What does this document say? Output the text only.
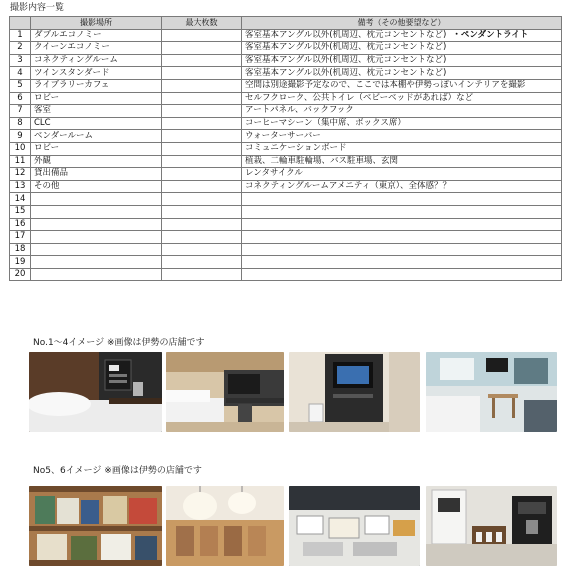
撮影内容一覧
	撮影場所	最大枚数	備考（その他要望など）
1	ダブルエコノミー		客室基本アングル以外(机周辺、枕元コンセントなど) ・ペンダントライト
2	クイーンエコノミー		客室基本アングル以外(机周辺、枕元コンセントなど)
3	コネクティングルーム		客室基本アングル以外(机周辺、枕元コンセントなど)
4	ツインスタンダード		客室基本アングル以外(机周辺、枕元コンセントなど)
5	ライブラリーカフェ		空間は別途撮影予定なので、ここでは本棚や伊勢っぽいインテリアを撮影
6	ロビー		セルフクローク、公共トイレ（ベビーベッドがあれば）など
7	客室		アートパネル、バックフック
8	CLC		コーヒーマシーン（集中席、ボックス席）
9	ベンダールーム		ウォーターサーバー
10	ロビー		コミュニケーションボード
11	外観		植栽、二輪車駐輪場、バス駐車場、玄関
12	貸出備品		レンタサイクル
13	その他		コネクティングルームアメニティ（東京）、全体感？？
14			
15			
16			
17			
18			
19			
20			
No.1～4イメージ ※画像は伊勢の店舗です
No5、6イメージ ※画像は伊勢の店舗です
